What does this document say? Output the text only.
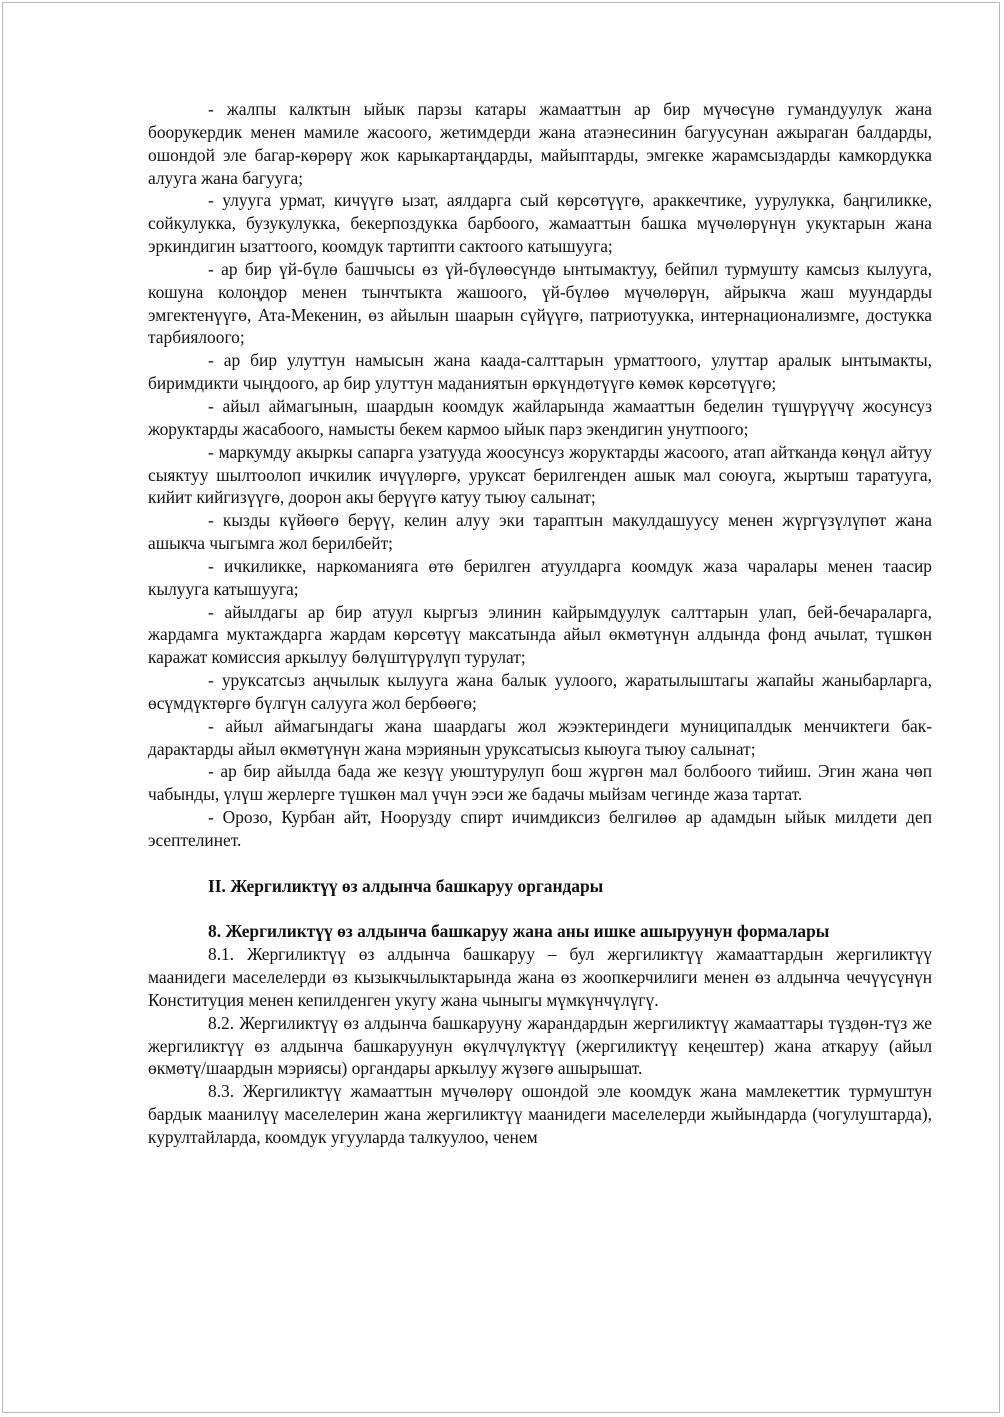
- жалпы калктын ыйык парзы катары жамааттын ар бир мүчөсүнө гумандуулук жана боорукердик менен мамиле жасоого, жетимдерди жана атаэнесинин багуусунан ажыраган балдарды, ошондой эле багар-көрөрү жок карыкартаңдарды, майыптарды, эмгекке жарамсыздарды камкордукка алууга жана багууга;

- улууга урмат, кичүүгө ызат, аялдарга сый көрсөтүүгө, араккечтике, уурулукка, баңгиликке, сойкулукка, бузукулукка, бекерпоздукка барбоого, жамааттын башка мүчөлөрүнүн укуктарын жана эркиндигин ызаттоого, коомдук тартипти сактоого катышууга;

- ар бир үй-бүлө башчысы өз үй-бүлөөсүндө ынтымактуу, бейпил турмушту камсыз кылууга, кошуна колоңдор менен тынчтыкта жашоого, үй-бүлөө мүчөлөрүн, айрыкча жаш муундарды эмгектенүүгө, Ата-Мекенин, өз айылын шаарын сүйүүгө, патриотуукка, интернационализмге, достукка тарбиялоого;

- ар бир улуттун намысын жана каада-салттарын урматтоого, улуттар аралык ынтымакты, биримдикти чыңдоого, ар бир улуттун маданиятын өркүндөтүүгө көмөк көрсөтүүгө;

- айыл аймагынын, шаардын коомдук жайларында жамааттын беделин түшүрүүчү жосунсуз жоруктарды жасабоого, намысты бекем кармоо ыйык парз экендигин унутпоого;

- маркумду акыркы сапарга узатууда жоосунсуз жоруктарды жасоого, атап айтканда көңүл айтуу сыяктуу шылтоолоп ичкилик ичүүлөргө, уруксат берилгенден ашык мал союуга, жыртыш таратууга, кийит кийгизүүгө, доорон акы берүүгө катуу тыюу салынат;

- кызды күйөөгө берүү, келин алуу эки тараптын макулдашуусу менен жүргүзүлүпөт жана ашыкча чыгымга жол берилбейт;

- ичкиликке, наркоманияга өтө берилген атуулдарга коомдук жаза чаралары менен таасир кылууга катышууга;

- айылдагы ар бир атуул кыргыз элинин кайрымдуулук салттарын улап, бей-бечараларга, жардамга муктаждарга жардам көрсөтүү максатында айыл өкмөтүнүн алдында фонд ачылат, түшкөн каражат комиссия аркылуу бөлүштүрүлүп турулат;

- уруксатсыз аңчылык кылууга жана балык уулоого, жаратылыштагы жапайы жаныбарларга, өсүмдүктөргө бүлгүн салууга жол бербөөгө;

- айыл аймагындагы жана шаардагы жол жээктериндеги муниципалдык менчиктеги бак-дарактарды айыл өкмөтүнүн жана мэриянын уруксатысыз кыюуга тыюу салынат;

- ар бир айылда бада же кезүү уюштурулуп бош жүргөн мал болбоого тийиш. Эгин жана чөп чабынды, үлүш жерлерге түшкөн мал үчүн ээси же бадачы мыйзам чегинде жаза тартат.

- Орозо, Курбан айт, Ноорузду спирт ичимдиксиз белгилөө ар адамдын ыйык милдети деп эсептелинет.

II. Жергиликтүү өз алдынча башкаруу органдары

8. Жергиликтүү өз алдынча башкаруу жана аны ишке ашыруунун формалары

8.1. Жергиликтүү өз алдынча башкаруу – бул жергиликтүү жамааттардын жергиликтүү маанидеги маселелерди өз кызыкчылыктарында жана өз жоопкерчилиги менен өз алдынча чечүүсүнүн Конституция менен кепилденген укугу жана чыныгы мүмкүнчүлүгү.

8.2. Жергиликтүү өз алдынча башкарууну жарандардын жергиликтүү жамааттары түздөн-түз же жергиликтүү өз алдынча башкаруунун өкүлчүлүктүү (жергиликтүү кеңештер) жана аткаруу (айыл өкмөтү/шаардын мэриясы) органдары аркылуу жүзөгө ашырышат.

8.3. Жергиликтүү жамааттын мүчөлөрү ошондой эле коомдук жана мамлекеттик турмуштун бардык маанилүү маселелерин жана жергиликтүү маанидеги маселелерди жыйындарда (чогулуштарда), курултайларда, коомдук угууларда талкуулоо, ченем
